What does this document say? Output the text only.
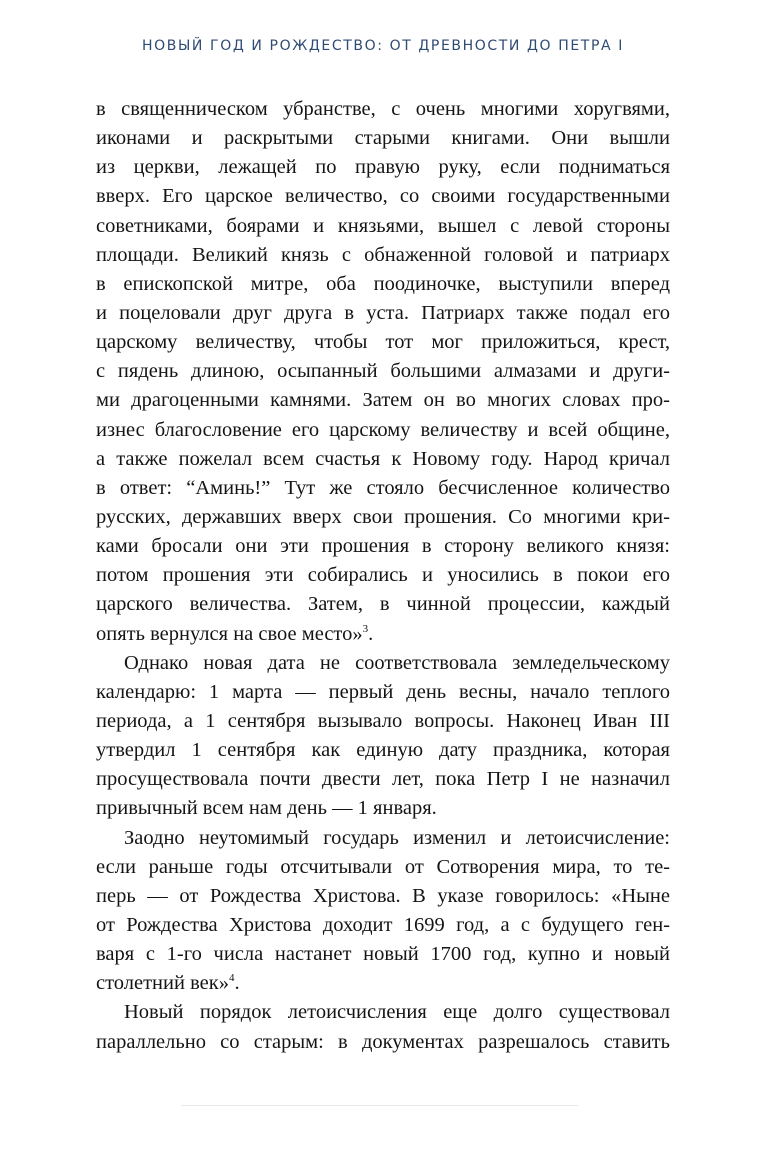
НОВЫЙ ГОД И РОЖДЕСТВО: ОТ ДРЕВНОСТИ ДО ПЕТРА I
в священническом убранстве, с очень многими хоругвями,
иконами и раскрытыми старыми книгами. Они вышли
из церкви, лежащей по правую руку, если подниматься
вверх. Его царское величество, со своими государственными
советниками, боярами и князьями, вышел с левой стороны
площади. Великий князь с обнаженной головой и патриарх
в епископской митре, оба поодиночке, выступили вперед
и поцеловали друг друга в уста. Патриарх также подал его
царскому величеству, чтобы тот мог приложиться, крест,
с пядень длиною, осыпанный большими алмазами и други-
ми драгоценными камнями. Затем он во многих словах про-
изнес благословение его царскому величеству и всей общине,
а также пожелал всем счастья к Новому году. Народ кричал
в ответ: “Аминь!” Тут же стояло бесчисленное количество
русских, державших вверх свои прошения. Со многими кри-
ками бросали они эти прошения в сторону великого князя:
потом прошения эти собирались и уносились в покои его
царского величества. Затем, в чинной процессии, каждый
опять вернулся на свое место»$^3$.
Однако новая дата не соответствовала земледельческому
календарю: 1 марта — первый день весны, начало теплого
периода, а 1 сентября вызывало вопросы. Наконец Иван III
утвердил 1 сентября как единую дату праздника, которая
просуществовала почти двести лет, пока Петр I не назначил
привычный всем нам день — 1 января.
Заодно неутомимый государь изменил и летоисчисление:
если раньше годы отсчитывали от Сотворения мира, то те-
перь — от Рождества Христова. В указе говорилось: «Ныне
от Рождества Христова доходит 1699 год, а с будущего ген-
варя с 1-го числа настанет новый 1700 год, купно и новый
столетний век»$^4$.
Новый порядок летоисчисления еще долго существовал
параллельно со старым: в документах разрешалось ставить
